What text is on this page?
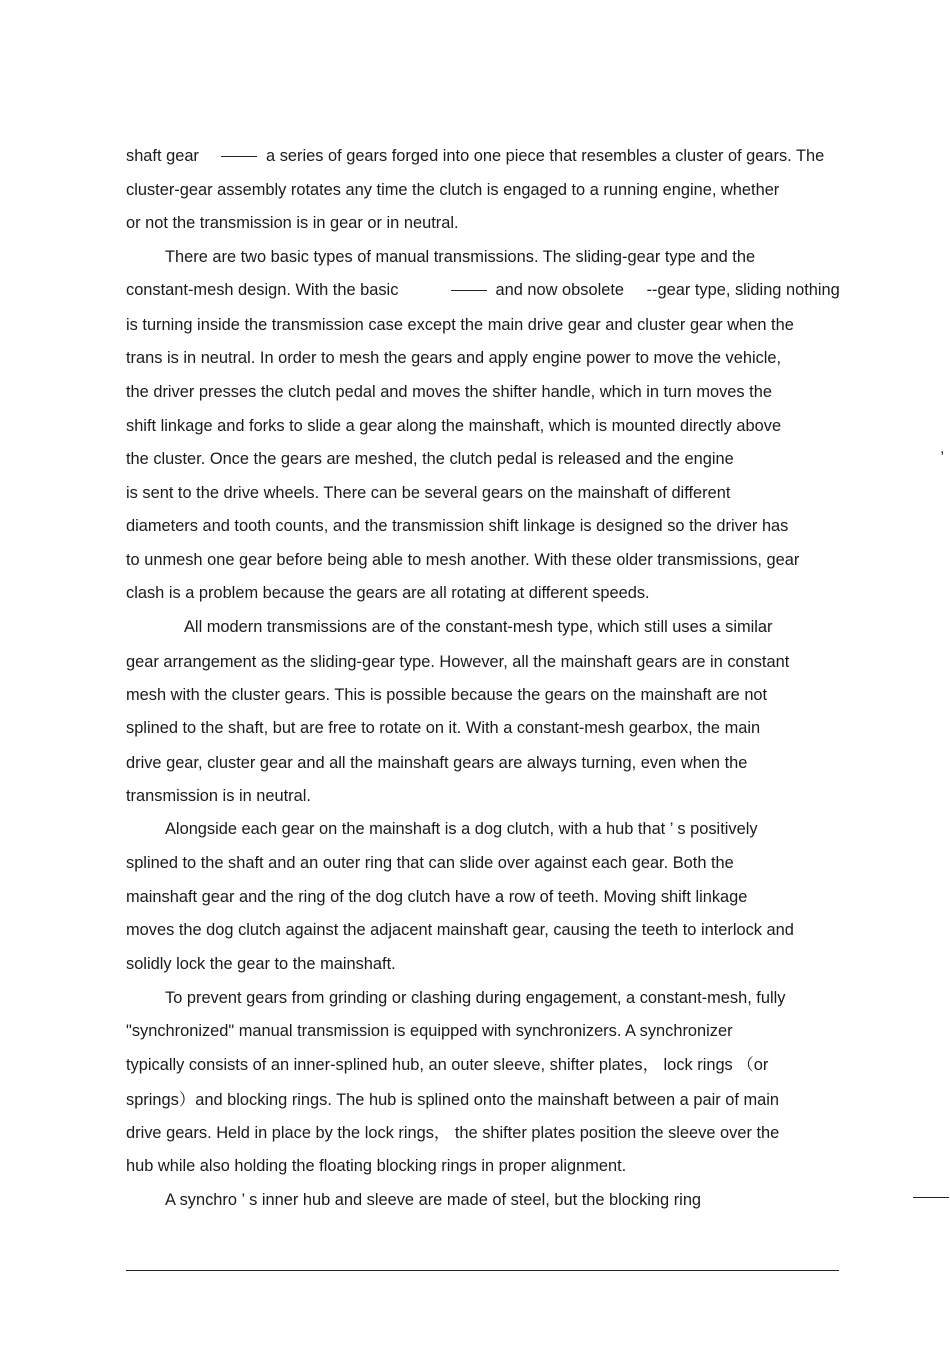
shaft gear	a series of gears forged into one piece that resembles a cluster of gears. The
cluster-gear assembly rotates any time the clutch is engaged to a running engine, whether
or not the transmission is in gear or in neutral.
There are two basic types of manual transmissions. The sliding-gear type and the
constant-mesh design. With the basic	and now obsolete --gear type, sliding nothing
is turning inside the transmission case except the main drive gear and cluster gear when the
trans is in neutral. In order to mesh the gears and apply engine power to move the vehicle,
the driver presses the clutch pedal and moves the shifter handle, which in turn moves the
shift linkage and forks to slide a gear along the mainshaft, which is mounted directly above
the cluster. Once the gears are meshed, the clutch pedal is released and the engine
is sent to the drive wheels. There can be several gears on the mainshaft of different
diameters and tooth counts, and the transmission shift linkage is designed so the driver has
to unmesh one gear before being able to mesh another. With these older transmissions, gear
clash is a problem because the gears are all rotating at different speeds.
All modern transmissions are of the constant-mesh type, which still uses a similar
gear arrangement as the sliding-gear type. However, all the mainshaft gears are in constant
mesh with the cluster gears. This is possible because the gears on the mainshaft are not
splined to the shaft, but are free to rotate on it. With a constant-mesh gearbox, the main
drive gear, cluster gear and all the mainshaft gears are always turning, even when the
transmission is in neutral.
Alongside each gear on the mainshaft is a dog clutch, with a hub that ’ s positively
splined to the shaft and an outer ring that can slide over against each gear. Both the
mainshaft gear and the ring of the dog clutch have a row of teeth. Moving shift linkage
moves the dog clutch against the adjacent mainshaft gear, causing the teeth to interlock and
solidly lock the gear to the mainshaft.
To prevent gears from grinding or clashing during engagement, a constant-mesh, fully
"synchronized" manual transmission is equipped with synchronizers. A synchronizer
typically consists of an inner-splined hub, an outer sleeve, shifter plates， lock rings （or
springs）and blocking rings. The hub is splined onto the mainshaft between a pair of main
drive gears. Held in place by the lock rings， the shifter plates position the sleeve over the
hub while also holding the floating blocking rings in proper alignment.
A synchro ’ s inner hub and sleeve are made of steel, but the blocking ring
,
